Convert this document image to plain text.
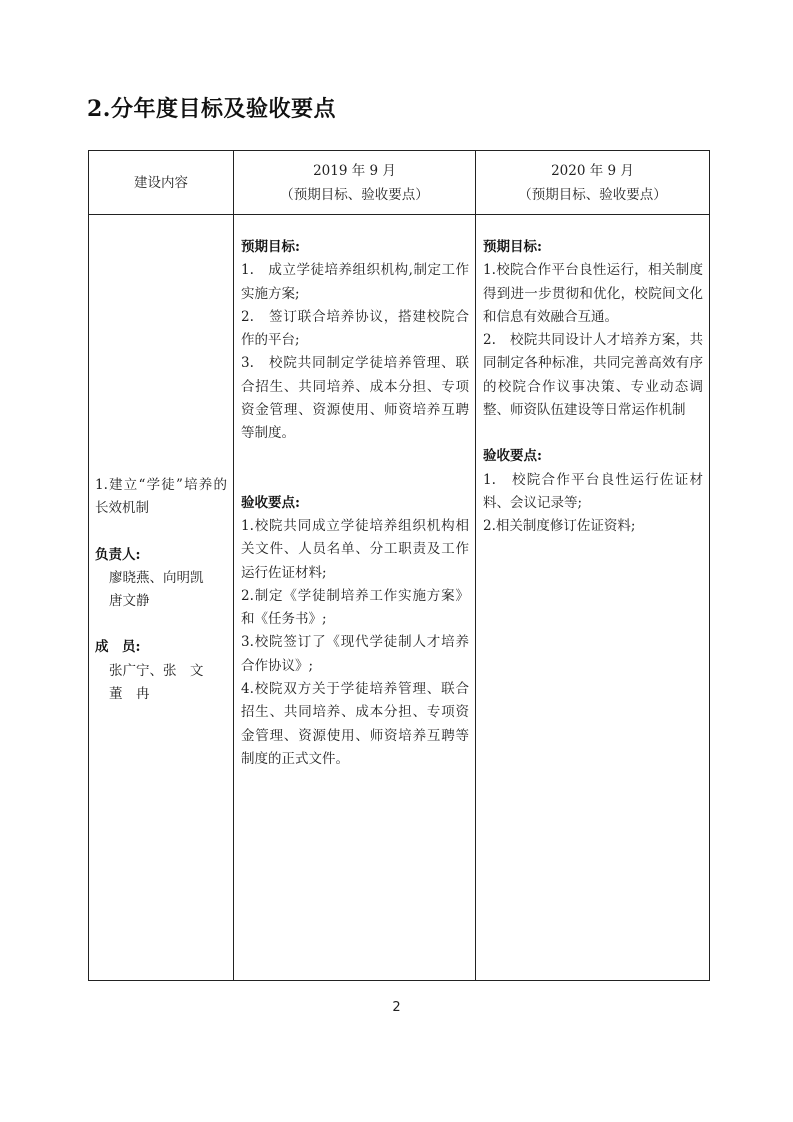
2.分年度目标及验收要点
建设内容
2019 年 9 月
（预期目标、验收要点）
2020 年 9 月
（预期目标、验收要点）
1.建立“学徒”培养的长效机制
负责人:
廖晓燕、向明凯
唐文静
成　员:
张广宁、张　文
董　冉
预期目标:
1.　成立学徒培养组织机构,制定工作实施方案;
2.　签订联合培养协议，搭建校院合作的平台;
3.　校院共同制定学徒培养管理、联合招生、共同培养、成本分担、专项资金管理、资源使用、师资培养互聘等制度。
验收要点:
1.校院共同成立学徒培养组织机构相关文件、人员名单、分工职责及工作运行佐证材料;
2.制定《学徒制培养工作实施方案》和《任务书》;
3.校院签订了《现代学徒制人才培养合作协议》;
4.校院双方关于学徒培养管理、联合招生、共同培养、成本分担、专项资金管理、资源使用、师资培养互聘等制度的正式文件。
预期目标:
1.校院合作平台良性运行，相关制度得到进一步贯彻和优化，校院间文化和信息有效融合互通。
2.　校院共同设计人才培养方案，共同制定各种标准，共同完善高效有序的校院合作议事决策、专业动态调整、师资队伍建设等日常运作机制
验收要点:
1.　校院合作平台良性运行佐证材料、会议记录等;
2.相关制度修订佐证资料;
2
